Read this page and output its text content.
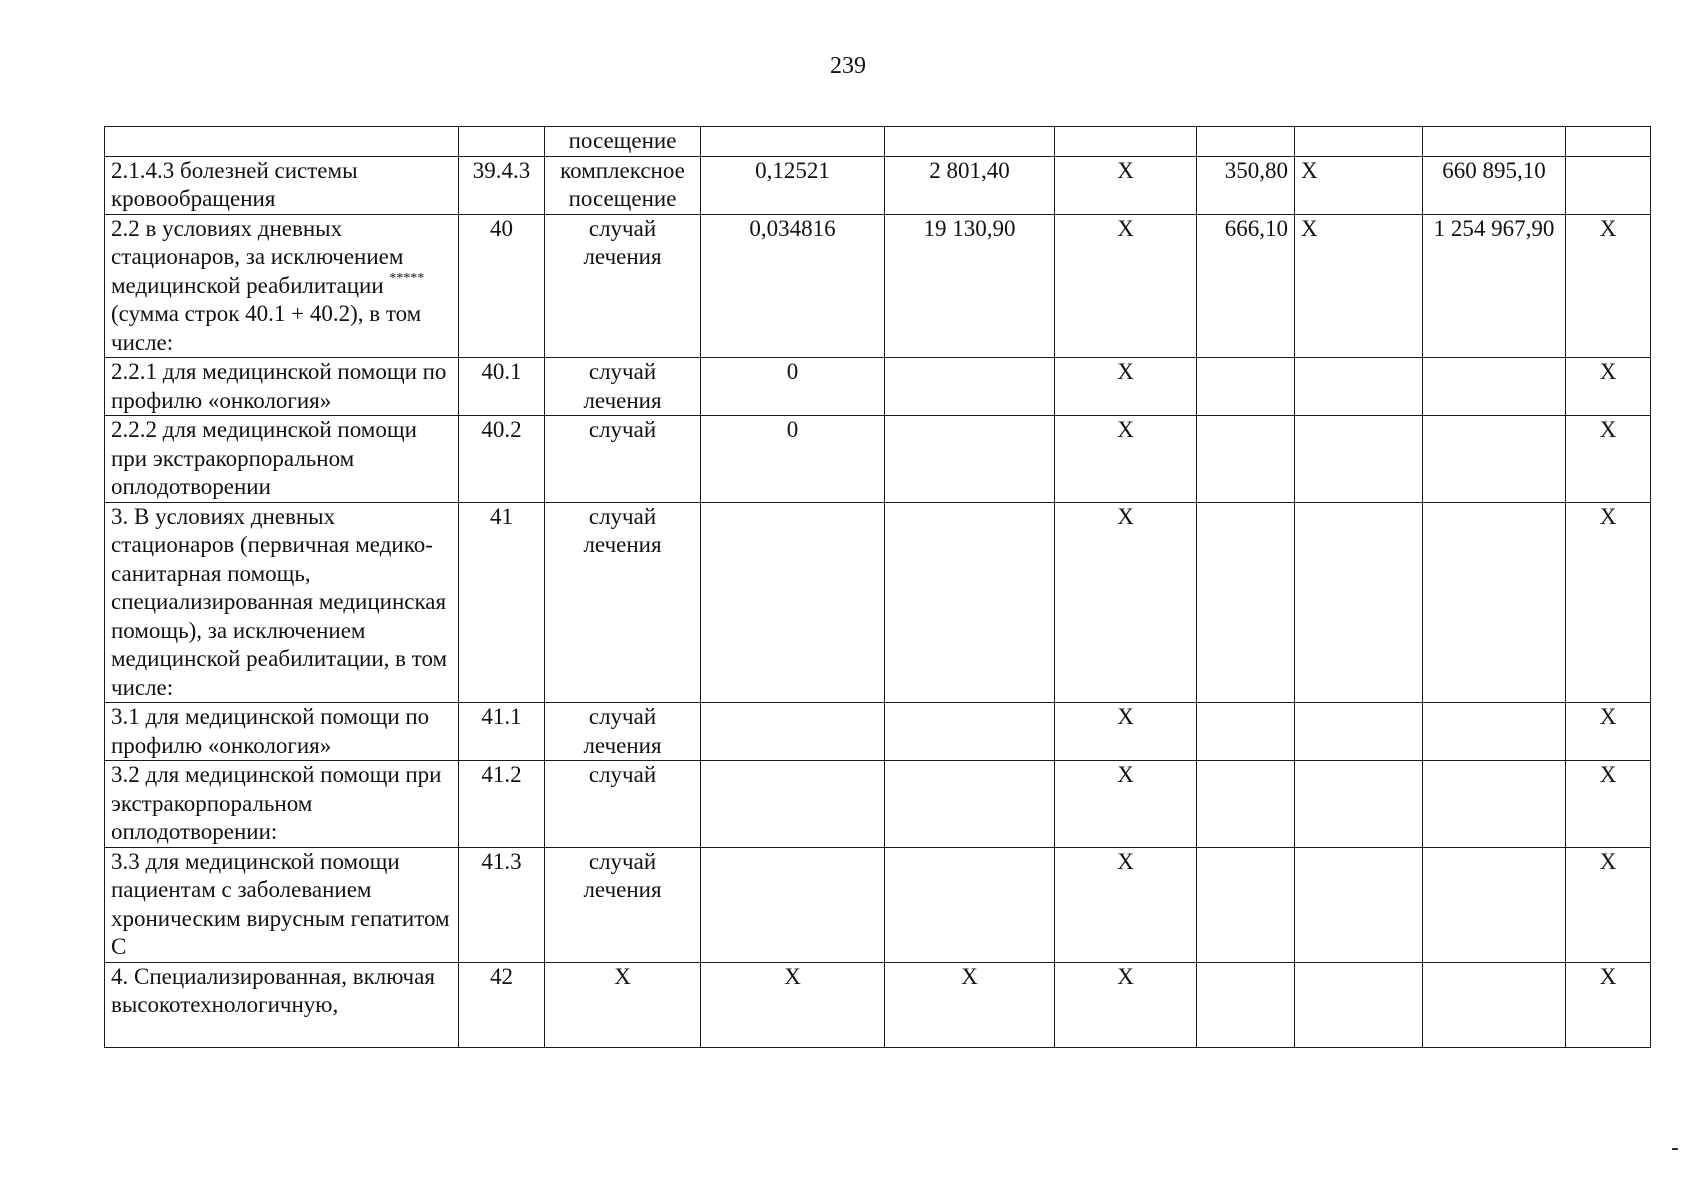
239
		посещение							
2.1.4.3 болезней системы кровообращения	39.4.3	комплексное посещение	0,12521	2 801,40	X	350,80	X	660 895,10	
2.2 в условиях дневных стационаров, за исключением медицинской реабилитации ***** (сумма строк 40.1 + 40.2), в том числе:	40	случай лечения	0,034816	19 130,90	X	666,10	X	1 254 967,90	X
2.2.1 для медицинской помощи по профилю «онкология»	40.1	случай лечения	0		X				X
2.2.2 для медицинской помощи при экстракорпоральном оплодотворении	40.2	случай	0		X				X
3. В условиях дневных стационаров (первичная медико-санитарная помощь, специализированная медицинская помощь), за исключением медицинской реабилитации, в том числе:	41	случай лечения			X				X
3.1 для медицинской помощи по профилю «онкология»	41.1	случай лечения			X				X
3.2 для медицинской помощи при экстракорпоральном оплодотворении:	41.2	случай			X				X
3.3 для медицинской помощи пациентам с заболеванием хроническим вирусным гепатитом С	41.3	случай лечения			X				X
4. Специализированная, включая высокотехнологичную,	42	X	X	X	X				X
